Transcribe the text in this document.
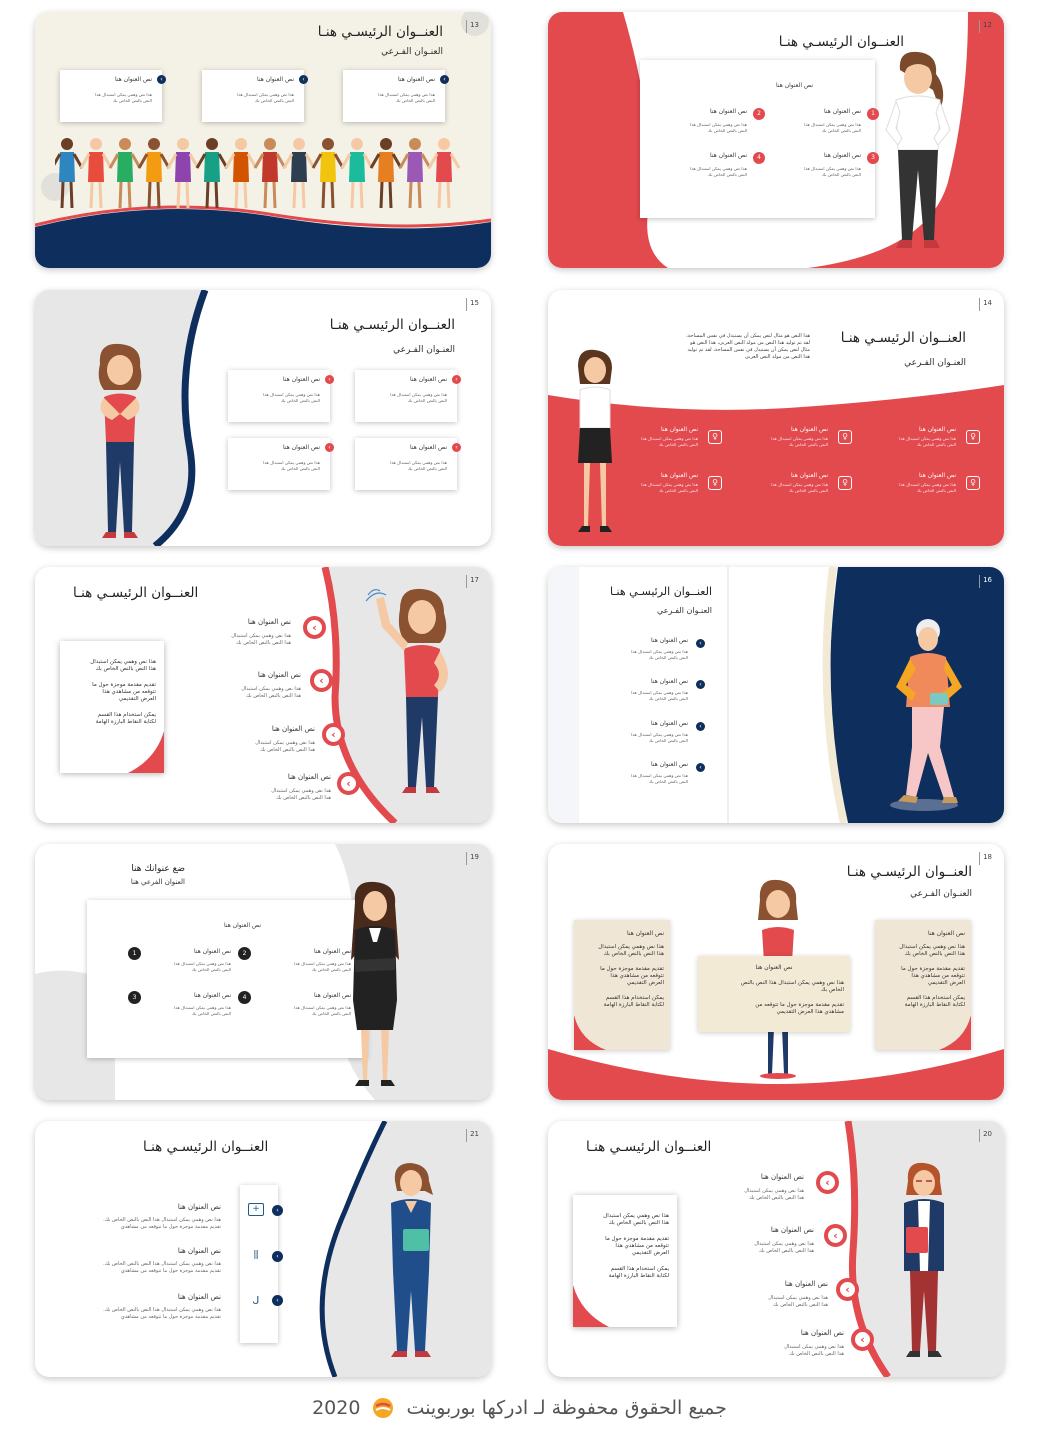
13
العنــوان الرئيسـي هنـا
العنـوان الفـرعي
‹
نص العنوان هنا
هذا نص وهمي يمكن استبدال هذا
النص بالنص الخاص بك
‹
نص العنوان هنا
هذا نص وهمي يمكن استبدال هذا
النص بالنص الخاص بك
‹
نص العنوان هنا
هذا نص وهمي يمكن استبدال هذا
النص بالنص الخاص بك
12
العنــوان الرئيسـي هنـا
نص العنوان هنا
1
نص العنوان هنا
هذا نص وهمي يمكن استبدال هذا
النص بالنص الخاص بك
2
نص العنوان هنا
هذا نص وهمي يمكن استبدال هذا
النص بالنص الخاص بك
3
نص العنوان هنا
هذا نص وهمي يمكن استبدال هذا
النص بالنص الخاص بك
4
نص العنوان هنا
هذا نص وهمي يمكن استبدال هذا
النص بالنص الخاص بك
15
العنــوان الرئيسـي هنـا
العنـوان الفـرعي
‹
نص العنوان هنا
هذا نص وهمي يمكن استبدال هذا
النص بالنص الخاص بك
‹
نص العنوان هنا
هذا نص وهمي يمكن استبدال هذا
النص بالنص الخاص بك
‹
نص العنوان هنا
هذا نص وهمي يمكن استبدال هذا
النص بالنص الخاص بك
‹
نص العنوان هنا
هذا نص وهمي يمكن استبدال هذا
النص بالنص الخاص بك
14
العنــوان الرئيسـي هنـا
العنـوان الفـرعي
هذا النص هو مثال لنص يمكن أن يستبدل في نفس المساحة،
لقد تم توليد هذا النص من مولد النص العربى، هذا النص هو
مثال لنص يمكن أن يستبدل في نفس المساحة، لقد تم توليد
هذا النص من مولد النص العربى
♀
نص العنوان هنا
هذا نص وهمي يمكن استبدال هذا
النص بالنص الخاص بك
♀
نص العنوان هنا
هذا نص وهمي يمكن استبدال هذا
النص بالنص الخاص بك
♀
نص العنوان هنا
هذا نص وهمي يمكن استبدال هذا
النص بالنص الخاص بك
♀
نص العنوان هنا
هذا نص وهمي يمكن استبدال هذا
النص بالنص الخاص بك
♀
نص العنوان هنا
هذا نص وهمي يمكن استبدال هذا
النص بالنص الخاص بك
♀
نص العنوان هنا
هذا نص وهمي يمكن استبدال هذا
النص بالنص الخاص بك
17
العنــوان الرئيسـي هنـا
هذا نص وهمي يمكن استبدال
هذا النص بالنص الخاص بك
تقديم مقدمة موجزة حول ما
تتوقعه من مشاهدي هذا
العرض التقديمي
يمكن استخدام هذا القسم
لكتابة النقاط البارزة الهامة
‹
نص العنوان هنا
هذا نص وهمي يمكن استبدال
هذا النص بالنص الخاص بك
‹
نص العنوان هنا
هذا نص وهمي يمكن استبدال
هذا النص بالنص الخاص بك
‹
نص العنوان هنا
هذا نص وهمي يمكن استبدال
هذا النص بالنص الخاص بك
‹
نص العنوان هنا
هذا نص وهمي يمكن استبدال
هذا النص بالنص الخاص بك
16
العنــوان الرئيسـي هنـا
العنـوان الفـرعي
‹
نص العنوان هنا
هذا نص وهمي يمكن استبدال هذا
النص بالنص الخاص بك
‹
نص العنوان هنا
هذا نص وهمي يمكن استبدال هذا
النص بالنص الخاص بك
‹
نص العنوان هنا
هذا نص وهمي يمكن استبدال هذا
النص بالنص الخاص بك
‹
نص العنوان هنا
هذا نص وهمي يمكن استبدال هذا
النص بالنص الخاص بك
19
ضع عنوانك هنا
العنوان الفرعي هنا
نص العنوان هنا
1	نص العنوان هنا
هذا نص وهمي يمكن استبدال هذا
النص بالنص الخاص بك
2	نص العنوان هنا
هذا نص وهمي يمكن استبدال هذا
النص بالنص الخاص بك
3	نص العنوان هنا
هذا نص وهمي يمكن استبدال هذا
النص بالنص الخاص بك
4	نص العنوان هنا
هذا نص وهمي يمكن استبدال هذا
النص بالنص الخاص بك
18
العنــوان الرئيسـي هنـا
العنـوان الفـرعي
نص العنوان هنا
هذا نص وهمي يمكن استبدال
هذا النص بالنص الخاص بك
تقديم مقدمة موجزة حول ما
تتوقعه من مشاهدي هذا
العرض التقديمي
يمكن استخدام هذا القسم
لكتابة النقاط البارزة الهامة
نص العنوان هنا
هذا نص وهمي يمكن استبدال
هذا النص بالنص الخاص بك
تقديم مقدمة موجزة حول ما
تتوقعه من مشاهدي هذا
العرض التقديمي
يمكن استخدام هذا القسم
لكتابة النقاط البارزة الهامة
نص العنوان هنا
هذا نص وهمي يمكن استبدال هذا النص بالنص
الخاص بك
تقديم مقدمة موجزة حول ما تتوقعه من
مشاهدي هذا العرض التقديمي
21
العنــوان الرئيسـي هنـا
نص العنوان هنا
هذا نص وهمي يمكن استبدال هذا النص بالنص الخاص بك.
تقديم مقدمة موجزة حول ما تتوقعه من مشاهدي
نص العنوان هنا
هذا نص وهمي يمكن استبدال هذا النص بالنص الخاص بك.
تقديم مقدمة موجزة حول ما تتوقعه من مشاهدي
نص العنوان هنا
هذا نص وهمي يمكن استبدال هذا النص بالنص الخاص بك.
تقديم مقدمة موجزة حول ما تتوقعه من مشاهدي
+
⫼
ᒍ
‹
‹
‹
20
العنــوان الرئيسـي هنـا
هذا نص وهمي يمكن استبدال
هذا النص بالنص الخاص بك
تقديم مقدمة موجزة حول ما
تتوقعه من مشاهدي هذا
العرض التقديمي
يمكن استخدام هذا القسم
لكتابة النقاط البارزة الهامة
‹
نص العنوان هنا
هذا نص وهمي يمكن استبدال
هذا النص بالنص الخاص بك
‹
نص العنوان هنا
هذا نص وهمي يمكن استبدال
هذا النص بالنص الخاص بك
‹
نص العنوان هنا
هذا نص وهمي يمكن استبدال
هذا النص بالنص الخاص بك
‹
نص العنوان هنا
هذا نص وهمي يمكن استبدال
هذا النص بالنص الخاص بك
2020 جميع الحقوق محفوظة لـ ادركها بوربوينت
